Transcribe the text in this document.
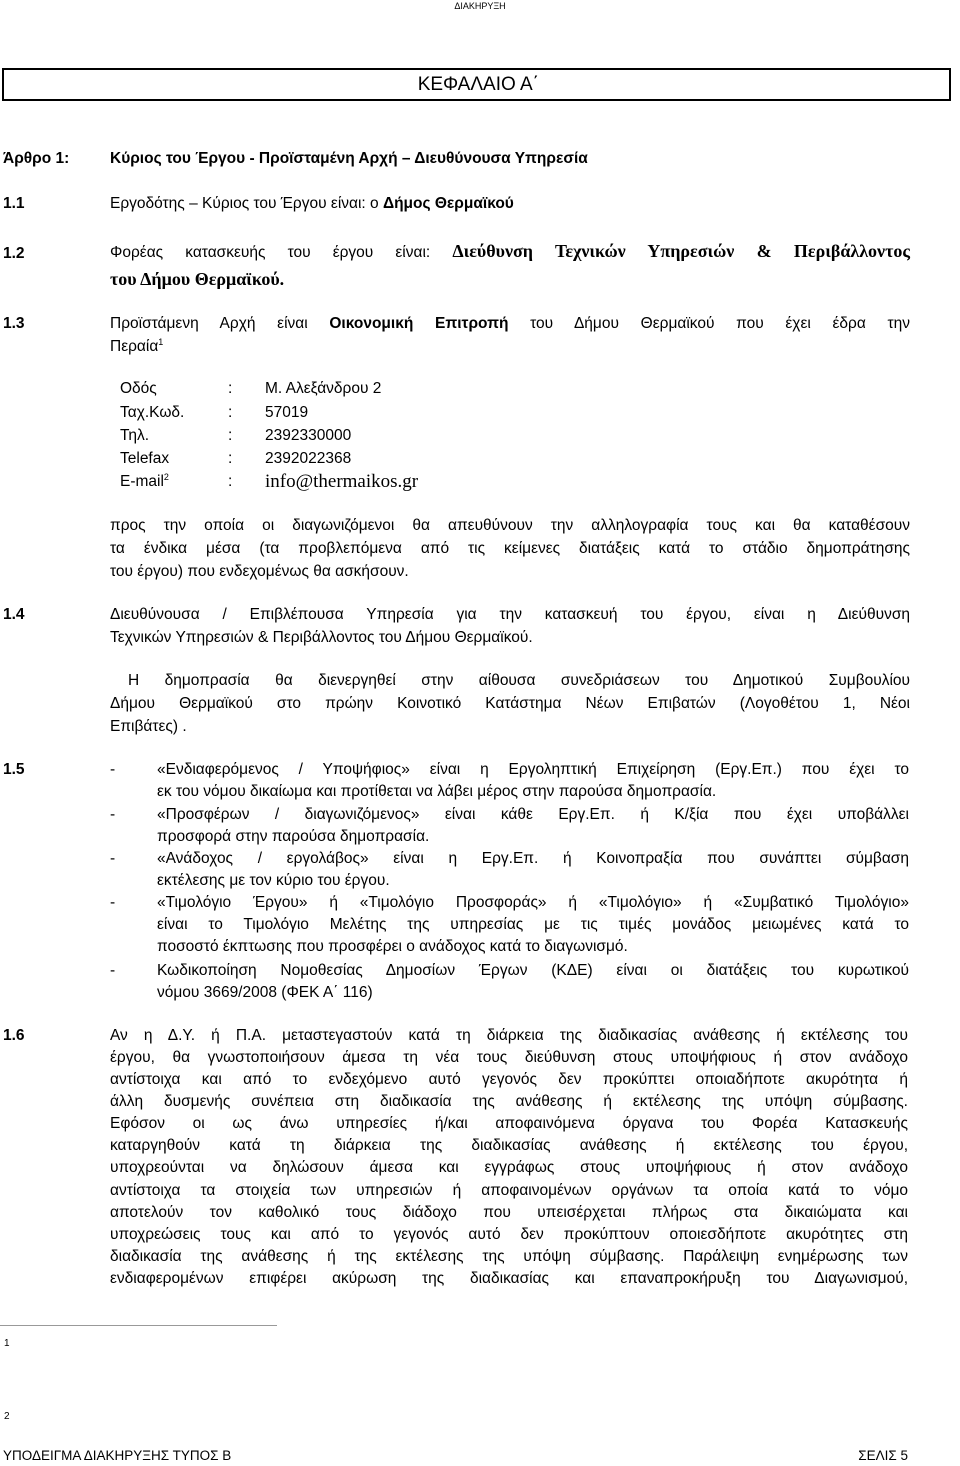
ΔΙΑΚΗΡΥΞΗ
ΚΕΦΑΛΑΙΟ Α΄
Άρθρο 1:	Κύριος του Έργου - Προϊσταμένη Αρχή – Διευθύνουσα Υπηρεσία
1.1	Εργοδότης – Κύριος του Έργου είναι: ο Δήμος Θερμαϊκού
1.2	Φορέας κατασκευής του έργου είναι: Διεύθυνση Τεχνικών Υπηρεσιών & Περιβάλλοντος
του Δήμου Θερμαϊκού.
1.3	Προϊστάμενη Αρχή είναι Οικονομική Επιτροπή του Δήμου Θερμαϊκού που έχει έδρα την
Περαία$^1$
Οδός	: Μ. Αλεξάνδρου 2
Ταχ.Κωδ.	: 57019
Τηλ.	: 2392330000
Telefax	: 2392022368
E-mail$^2$	: info@thermaikos.gr
προς την οποία οι διαγωνιζόμενοι θα απευθύνουν την αλληλογραφία τους και θα καταθέσουν
τα ένδικα μέσα (τα προβλεπόμενα από τις κείμενες διατάξεις κατά το στάδιο δημοπράτησης
του έργου) που ενδεχομένως θα ασκήσουν.
1.4	Διευθύνουσα / Επιβλέπουσα Υπηρεσία για την κατασκευή του έργου, είναι η Διεύθυνση
Τεχνικών Υπηρεσιών & Περιβάλλοντος του Δήμου Θερμαϊκού.
Η δημοπρασία θα διενεργηθεί στην αίθουσα συνεδριάσεων του Δημοτικού Συμβουλίου
Δήμου Θερμαϊκού στο πρώην Κοινοτικό Κατάστημα Νέων Επιβατών (Λογοθέτου 1, Νέοι
Επιβάτες) .
1.5	-	«Ενδιαφερόμενος / Υποψήφιος» είναι η Εργοληπτική Επιχείρηση (Εργ.Επ.) που έχει το
εκ του νόμου δικαίωμα και προτίθεται να λάβει μέρος στην παρούσα δημοπρασία.
-	«Προσφέρων / διαγωνιζόμενος» είναι κάθε Εργ.Επ. ή Κ/ξία που έχει υποβάλλει
προσφορά στην παρούσα δημοπρασία.
-	«Ανάδοχος / εργολάβος» είναι η Εργ.Επ. ή Κοινοπραξία που συνάπτει σύμβαση
εκτέλεσης με τον κύριο του έργου.
-	«Τιμολόγιο Έργου» ή «Τιμολόγιο Προσφοράς» ή «Τιμολόγιο» ή «Συμβατικό Τιμολόγιο»
είναι το Τιμολόγιο Μελέτης της υπηρεσίας με τις τιμές μονάδος μειωμένες κατά το
ποσοστό έκπτωσης που προσφέρει ο ανάδοχος κατά το διαγωνισμό.
-	Κωδικοποίηση Νομοθεσίας Δημοσίων Έργων (ΚΔΕ) είναι οι διατάξεις του κυρωτικού
νόμου 3669/2008 (ΦΕΚ Α΄ 116)
1.6	Αν η Δ.Υ. ή Π.Α. μεταστεγαστούν κατά τη διάρκεια της διαδικασίας ανάθεσης ή εκτέλεσης του
έργου, θα γνωστοποιήσουν άμεσα τη νέα τους διεύθυνση στους υποψήφιους ή στον ανάδοχο
αντίστοιχα και από το ενδεχόμενο αυτό γεγονός δεν προκύπτει οποιαδήποτε ακυρότητα ή
άλλη δυσμενής συνέπεια στη διαδικασία της ανάθεσης ή εκτέλεσης της υπόψη σύμβασης.
Εφόσον οι ως άνω υπηρεσίες ή/και αποφαινόμενα όργανα του Φορέα Κατασκευής
καταργηθούν κατά τη διάρκεια της διαδικασίας ανάθεσης ή εκτέλεσης του έργου,
υποχρεούνται να δηλώσουν άμεσα και εγγράφως στους υποψήφιους ή στον ανάδοχο
αντίστοιχα τα στοιχεία των υπηρεσιών ή αποφαινομένων οργάνων τα οποία κατά το νόμο
αποτελούν τον καθολικό τους διάδοχο που υπεισέρχεται πλήρως στα δικαιώματα και
υποχρεώσεις τους και από το γεγονός αυτό δεν προκύπτουν οποιεσδήποτε ακυρότητες στη
διαδικασία της ανάθεσης ή της εκτέλεσης της υπόψη σύμβασης. Παράλειψη ενημέρωσης των
ενδιαφερομένων επιφέρει ακύρωση της διαδικασίας και επαναπροκήρυξη του Διαγωνισμού,
1
2
ΥΠΟΔΕΙΓΜΑ ΔΙΑΚΗΡΥΞΗΣ ΤΥΠΟΣ Β	ΣΕΛΙΣ 5
